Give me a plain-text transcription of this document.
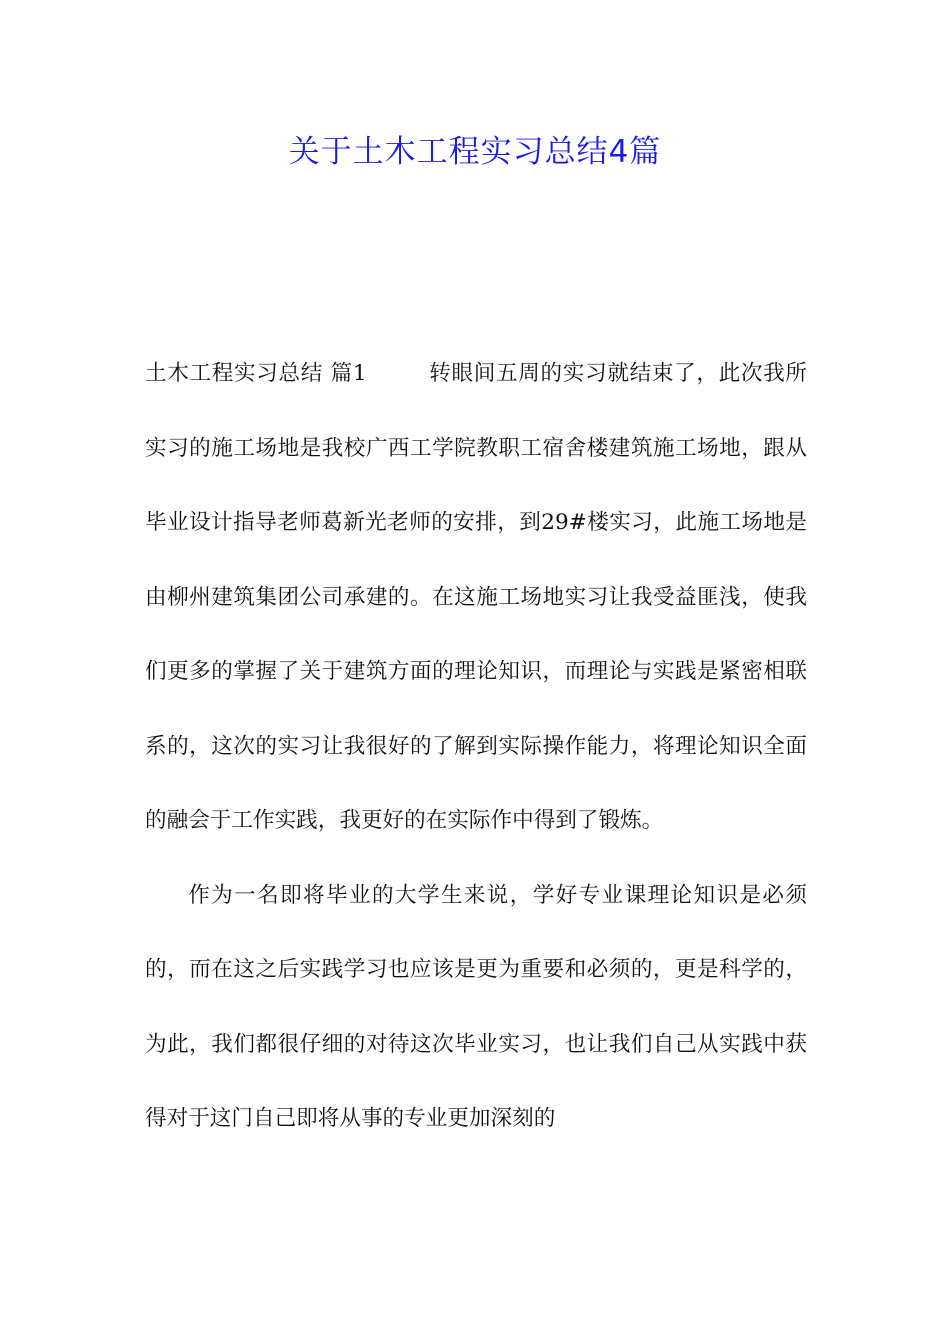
关于土木工程实习总结4篇

土木工程实习总结 篇1	转眼间五周的实习就结束了，此次我所实习的施工场地是我校广西工学院教职工宿舍楼建筑施工场地，跟从毕业设计指导老师葛新光老师的安排，到29#楼实习，此施工场地是由柳州建筑集团公司承建的。在这施工场地实习让我受益匪浅，使我们更多的掌握了关于建筑方面的理论知识，而理论与实践是紧密相联系的，这次的实习让我很好的了解到实际操作能力，将理论知识全面的融会于工作实践，我更好的在实际作中得到了锻炼。

作为一名即将毕业的大学生来说，学好专业课理论知识是必须的，而在这之后实践学习也应该是更为重要和必须的，更是科学的，为此，我们都很仔细的对待这次毕业实习，也让我们自己从实践中获得对于这门自己即将从事的专业更加深刻的
